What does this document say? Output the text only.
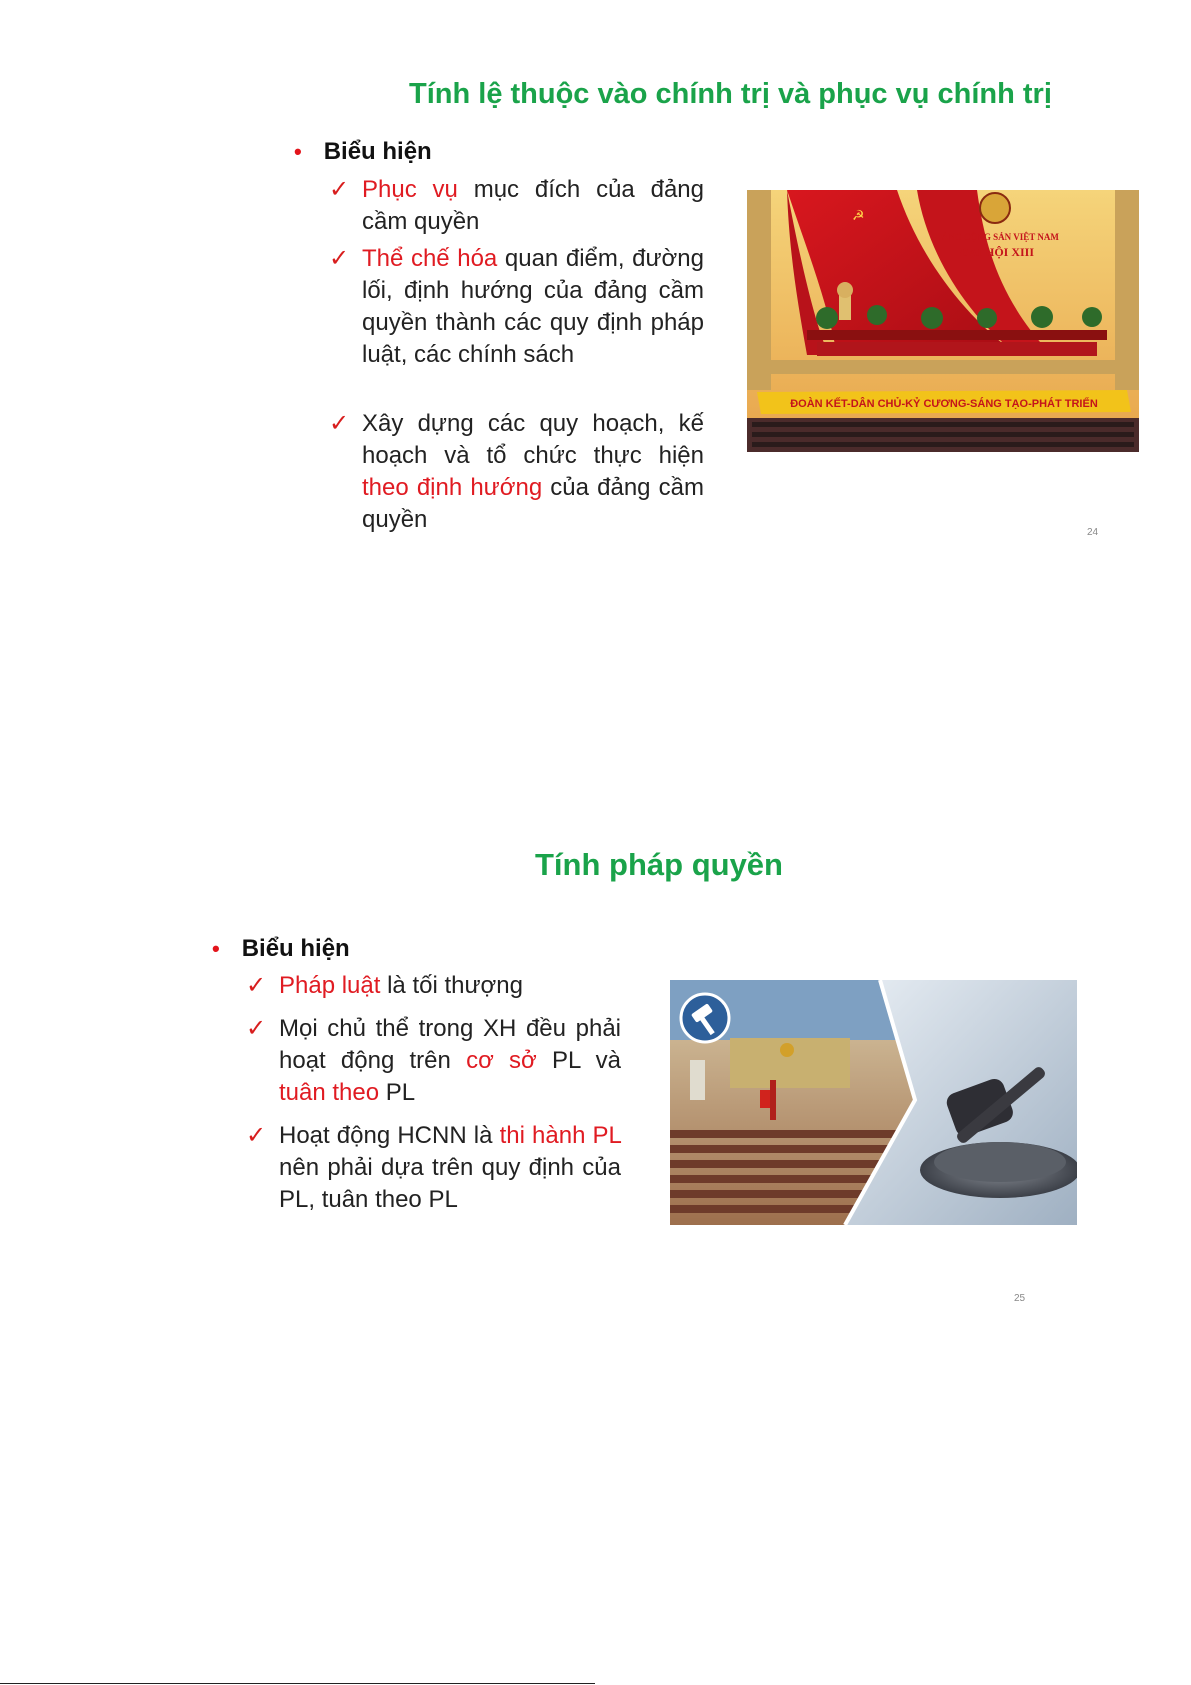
Tính lệ thuộc vào chính trị và phục vụ chính trị
• Biểu hiện
✓ Phục vụ mục đích của đảng cầm quyền
✓ Thể chế hóa quan điểm, đường lối, định hướng của đảng cầm quyền thành các quy định pháp luật, các chính sách
✓ Xây dựng các quy hoạch, kế hoạch và tổ chức thực hiện theo định hướng của đảng cầm quyền
☭
ĐẢNG CỘNG SẢN VIỆT NAM
ĐẠI HỘI XIII
ĐOÀN KẾT-DÂN CHỦ-KỶ CƯƠNG-SÁNG TẠO-PHÁT TRIỂN
24
Tính pháp quyền
• Biểu hiện
✓ Pháp luật là tối thượng
✓ Mọi chủ thể trong XH đều phải hoạt động trên cơ sở PL và tuân theo PL
✓ Hoạt động HCNN là thi hành PL nên phải dựa trên quy định của PL, tuân theo PL
25
